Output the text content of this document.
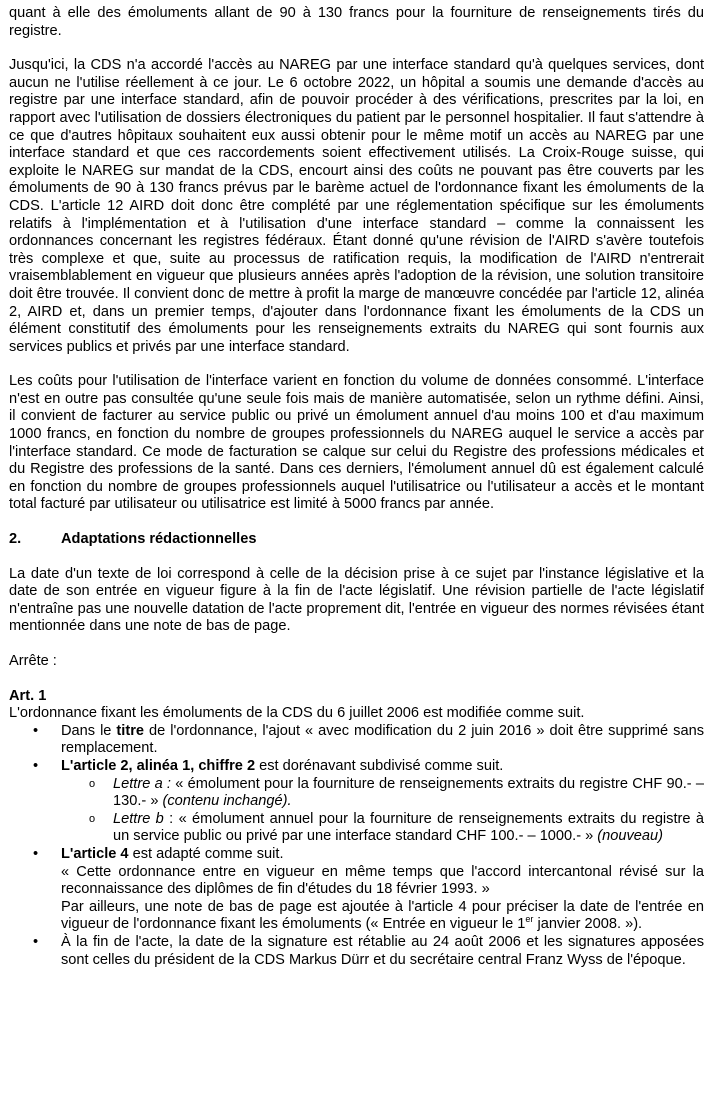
quant à elle des émoluments allant de 90 à 130 francs pour la fourniture de renseignements tirés du registre.

Jusqu'ici, la CDS n'a accordé l'accès au NAREG par une interface standard qu'à quelques services, dont aucun ne l'utilise réellement à ce jour. Le 6 octobre 2022, un hôpital a soumis une demande d'accès au registre par une interface standard, afin de pouvoir procéder à des vérifications, prescrites par la loi, en rapport avec l'utilisation de dossiers électroniques du patient par le personnel hospitalier. Il faut s'attendre à ce que d'autres hôpitaux souhaitent eux aussi obtenir pour le même motif un accès au NAREG par une interface standard et que ces raccordements soient effectivement utilisés. La Croix-Rouge suisse, qui exploite le NAREG sur mandat de la CDS, encourt ainsi des coûts ne pouvant pas être couverts par les émoluments de 90 à 130 francs prévus par le barème actuel de l'ordonnance fixant les émoluments de la CDS. L'article 12 AIRD doit donc être complété par une réglementation spécifique sur les émoluments relatifs à l'implémentation et à l'utilisation d'une interface standard – comme la connaissent les ordonnances concernant les registres fédéraux. Étant donné qu'une révision de l'AIRD s'avère toutefois très complexe et que, suite au processus de ratification requis, la modification de l'AIRD n'entrerait vraisemblablement en vigueur que plusieurs années après l'adoption de la révision, une solution transitoire doit être trouvée. Il convient donc de mettre à profit la marge de manœuvre concédée par l'article 12, alinéa 2, AIRD et, dans un premier temps, d'ajouter dans l'ordonnance fixant les émoluments de la CDS un élément constitutif des émoluments pour les renseignements extraits du NAREG qui sont fournis aux services publics et privés par une interface standard.

Les coûts pour l'utilisation de l'interface varient en fonction du volume de données consommé. L'interface n'est en outre pas consultée qu'une seule fois mais de manière automatisée, selon un rythme défini. Ainsi, il convient de facturer au service public ou privé un émolument annuel d'au moins 100 et d'au maximum 1000 francs, en fonction du nombre de groupes professionnels du NAREG auquel le service a accès par l'interface standard. Ce mode de facturation se calque sur celui du Registre des professions médicales et du Registre des professions de la santé. Dans ces derniers, l'émolument annuel dû est également calculé en fonction du nombre de groupes professionnels auquel l'utilisatrice ou l'utilisateur a accès et le montant total facturé par utilisateur ou utilisatrice est limité à 5000 francs par année.

2.	Adaptations rédactionnelles

La date d'un texte de loi correspond à celle de la décision prise à ce sujet par l'instance législative et la date de son entrée en vigueur figure à la fin de l'acte législatif. Une révision partielle de l'acte législatif n'entraîne pas une nouvelle datation de l'acte proprement dit, l'entrée en vigueur des normes révisées étant mentionnée dans une note de bas de page.

Arrête :

Art. 1

L'ordonnance fixant les émoluments de la CDS du 6 juillet 2006 est modifiée comme suit.

• Dans le titre de l'ordonnance, l'ajout « avec modification du 2 juin 2016 » doit être supprimé sans remplacement.
• L'article 2, alinéa 1, chiffre 2 est dorénavant subdivisé comme suit.
o Lettre a : « émolument pour la fourniture de renseignements extraits du registre CHF 90.- – 130.- » (contenu inchangé).
o Lettre b : « émolument annuel pour la fourniture de renseignements extraits du registre à un service public ou privé par une interface standard CHF 100.- – 1000.- » (nouveau)
• L'article 4 est adapté comme suit.
« Cette ordonnance entre en vigueur en même temps que l'accord intercantonal révisé sur la reconnaissance des diplômes de fin d'études du 18 février 1993. »
Par ailleurs, une note de bas de page est ajoutée à l'article 4 pour préciser la date de l'entrée en vigueur de l'ordonnance fixant les émoluments (« Entrée en vigueur le 1er janvier 2008. »).
• À la fin de l'acte, la date de la signature est rétablie au 24 août 2006 et les signatures apposées sont celles du président de la CDS Markus Dürr et du secrétaire central Franz Wyss de l'époque.
